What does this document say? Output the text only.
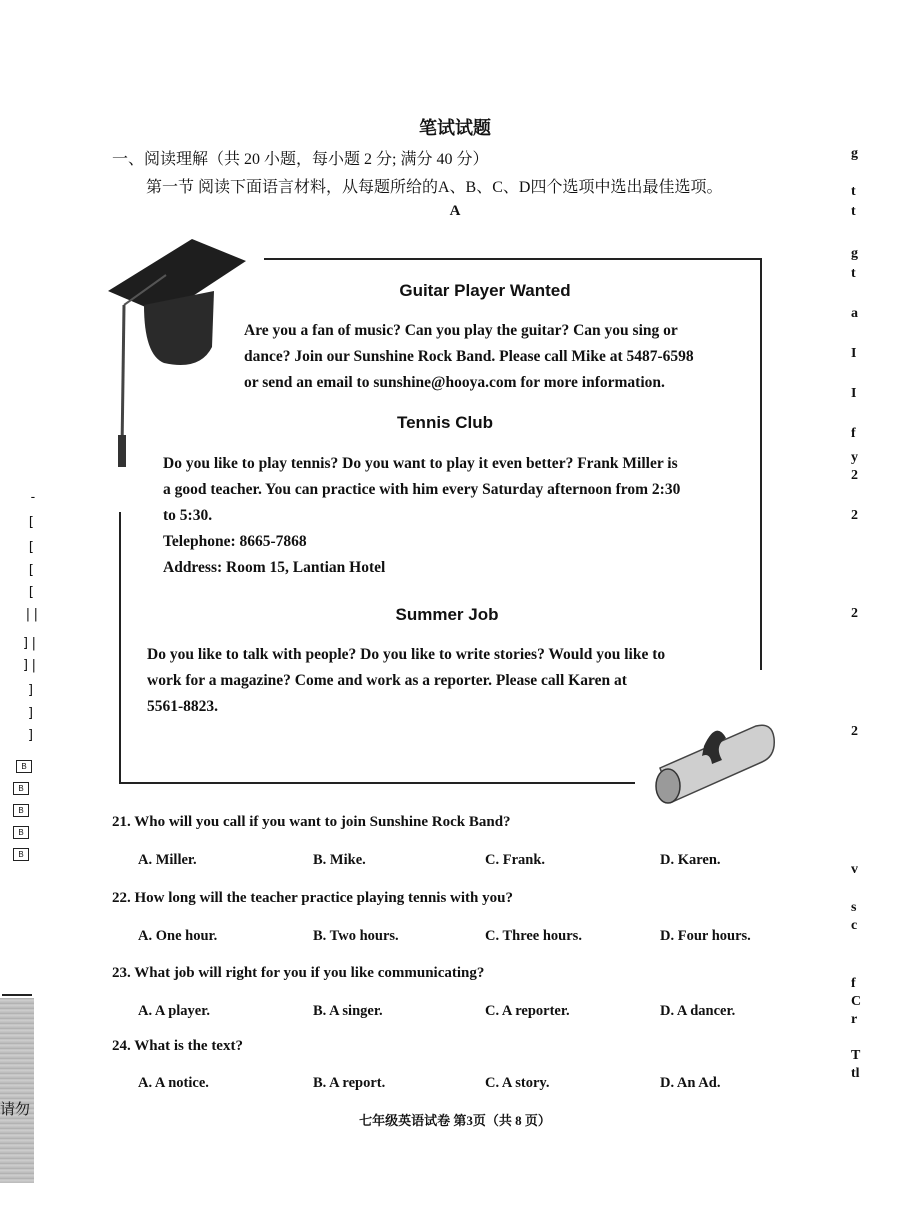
笔试试题
一、阅读理解（共 20 小题，每小题 2 分; 满分 40 分）
第一节 阅读下面语言材料，从每题所给的A、B、C、D四个选项中选出最佳选项。
A
Guitar Player Wanted
Are you a fan of music? Can you play the guitar? Can you sing or
dance? Join our Sunshine Rock Band. Please call Mike at 5487-6598
or send an email to sunshine@hooya.com for more information.
Tennis Club
Do you like to play tennis? Do you want to play it even better? Frank Miller is
a good teacher. You can practice with him every Saturday afternoon from 2:30
to 5:30.
Telephone: 8665-7868
Address: Room 15, Lantian Hotel
Summer Job
Do you like to talk with people? Do you like to write stories? Would you like to
work for a magazine? Come and work as a reporter. Please call Karen at
5561-8823.
21. Who will you call if you want to join Sunshine Rock Band?
A. Miller.	B. Mike.	C. Frank.	D. Karen.
22. How long will the teacher practice playing tennis with you?
A. One hour.	B. Two hours.	C. Three hours.	D. Four hours.
23. What job will right for you if you like communicating?
A. A player.	B. A singer.	C. A reporter.	D. A dancer.
24. What is the text?
A. A notice.	B. A report.	C. A story.	D. An Ad.
七年级英语试卷 第3页（共 8 页）
-
[
[
[
[
||
]|
]|
]
]
]
B
B
B
B
B
请勿
g
t
t
g
t
a
I
I
f
y
2
2
2
2
v
s
c
f
C
r
T
tl
